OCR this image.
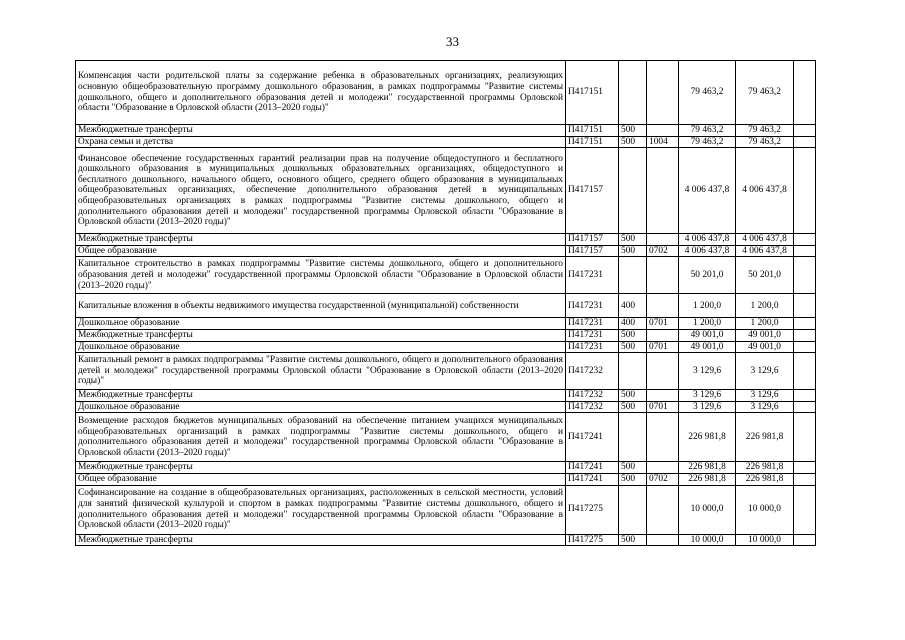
33
Компенсация части родительской платы за содержание ребенка в образовательных организациях, реализующих основную общеобразовательную программу дошкольного образования, в рамках подпрограммы "Развитие системы дошкольного, общего и дополнительного образования детей и молодежи" государственной программы Орловской области "Образование в Орловской области (2013–2020 годы)"	П417151			79 463,2	79 463,2	
Межбюджетные трансферты	П417151	500		79 463,2	79 463,2	
Охрана семьи и детства	П417151	500	1004	79 463,2	79 463,2	
Финансовое обеспечение государственных гарантий реализации прав на получение общедоступного и бесплатного дошкольного образования в муниципальных дошкольных образовательных организациях, общедоступного и бесплатного дошкольного, начального общего, основного общего, среднего общего образования в муниципальных общеобразовательных организациях, обеспечение дополнительного образования детей в муниципальных общеобразовательных организациях в рамках подпрограммы "Развитие системы дошкольного, общего и дополнительного образования детей и молодежи" государственной программы Орловской области "Образование в Орловской области (2013–2020 годы)"	П417157			4 006 437,8	4 006 437,8	
Межбюджетные трансферты	П417157	500		4 006 437,8	4 006 437,8	
Общее образование	П417157	500	0702	4 006 437,8	4 006 437,8	
Капитальное строительство в рамках подпрограммы "Развитие системы дошкольного, общего и дополнительного образования детей и молодежи" государственной программы Орловской области "Образование в Орловской области (2013–2020 годы)"	П417231			50 201,0	50 201,0	
Капитальные вложения в объекты недвижимого имущества государственной (муниципальной) собственности	П417231	400		1 200,0	1 200,0	
Дошкольное образование	П417231	400	0701	1 200,0	1 200,0	
Межбюджетные трансферты	П417231	500		49 001,0	49 001,0	
Дошкольное образование	П417231	500	0701	49 001,0	49 001,0	
Капитальный ремонт в рамках подпрограммы "Развитие системы дошкольного, общего и дополнительного образования детей и молодежи" государственной программы Орловской области "Образование в Орловской области (2013–2020 годы)"	П417232			3 129,6	3 129,6	
Межбюджетные трансферты	П417232	500		3 129,6	3 129,6	
Дошкольное образование	П417232	500	0701	3 129,6	3 129,6	
Возмещение расходов бюджетов муниципальных образований на обеспечение питанием учащихся муниципальных общеобразовательных организаций в рамках подпрограммы "Развитие системы дошкольного, общего и дополнительного образования детей и молодежи" государственной программы Орловской области "Образование в Орловской области (2013–2020 годы)"	П417241			226 981,8	226 981,8	
Межбюджетные трансферты	П417241	500		226 981,8	226 981,8	
Общее образование	П417241	500	0702	226 981,8	226 981,8	
Софинансирование на создание в общеобразовательных организациях, расположенных в сельской местности, условий для занятий физической культурой и спортом в рамках подпрограммы "Развитие системы дошкольного, общего и дополнительного образования детей и молодежи" государственной программы Орловской области "Образование в Орловской области (2013–2020 годы)"	П417275			10 000,0	10 000,0	
Межбюджетные трансферты	П417275	500		10 000,0	10 000,0	
